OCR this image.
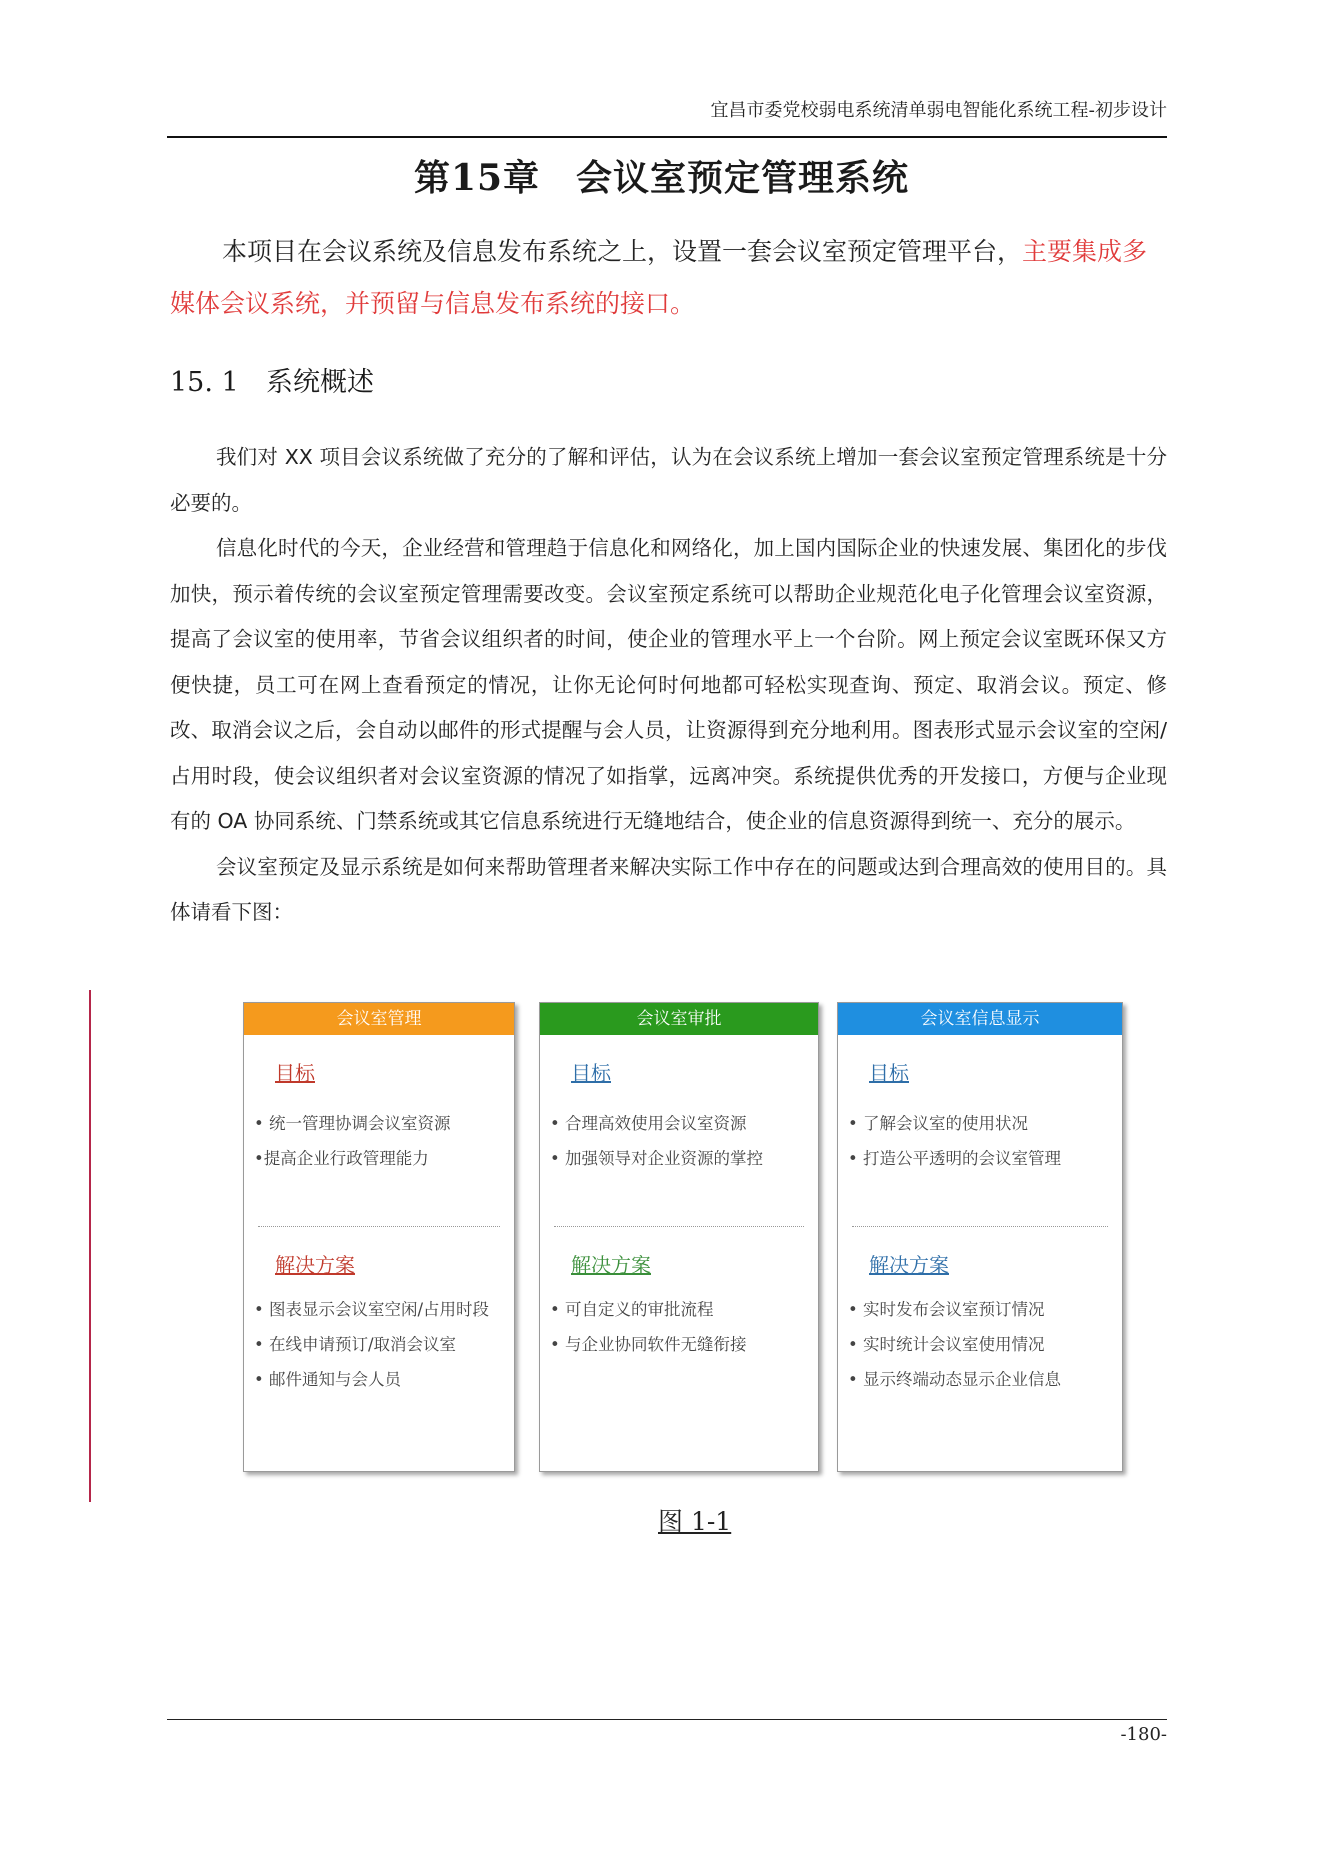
宜昌市委党校弱电系统清单弱电智能化系统工程-初步设计
第15章 会议室预定管理系统
本项目在会议系统及信息发布系统之上，设置一套会议室预定管理平台，主要集成多媒体会议系统，并预留与信息发布系统的接口。
15. 1 系统概述

我们对 XX 项目会议系统做了充分的了解和评估，认为在会议系统上增加一套会议室预定管理系统是十分必要的。

信息化时代的今天，企业经营和管理趋于信息化和网络化，加上国内国际企业的快速发展、集团化的步伐加快，预示着传统的会议室预定管理需要改变。会议室预定系统可以帮助企业规范化电子化管理会议室资源，提高了会议室的使用率，节省会议组织者的时间，使企业的管理水平上一个台阶。网上预定会议室既环保又方便快捷，员工可在网上查看预定的情况，让你无论何时何地都可轻松实现查询、预定、取消会议。预定、修改、取消会议之后，会自动以邮件的形式提醒与会人员，让资源得到充分地利用。图表形式显示会议室的空闲/占用时段，使会议组织者对会议室资源的情况了如指掌，远离冲突。系统提供优秀的开发接口，方便与企业现有的 OA 协同系统、门禁系统或其它信息系统进行无缝地结合，使企业的信息资源得到统一、充分的展示。

会议室预定及显示系统是如何来帮助管理者来解决实际工作中存在的问题或达到合理高效的使用目的。具体请看下图：

会议室管理
目标
• 统一管理协调会议室资源
•提高企业行政管理能力
解决方案
• 图表显示会议室空闲/占用时段
• 在线申请预订/取消会议室
• 邮件通知与会人员
会议室审批
目标
• 合理高效使用会议室资源
• 加强领导对企业资源的掌控
解决方案
• 可自定义的审批流程
• 与企业协同软件无缝衔接
会议室信息显示
目标
• 了解会议室的使用状况
• 打造公平透明的会议室管理
解决方案
• 实时发布会议室预订情况
• 实时统计会议室使用情况
• 显示终端动态显示企业信息
图 1-1
-180-
